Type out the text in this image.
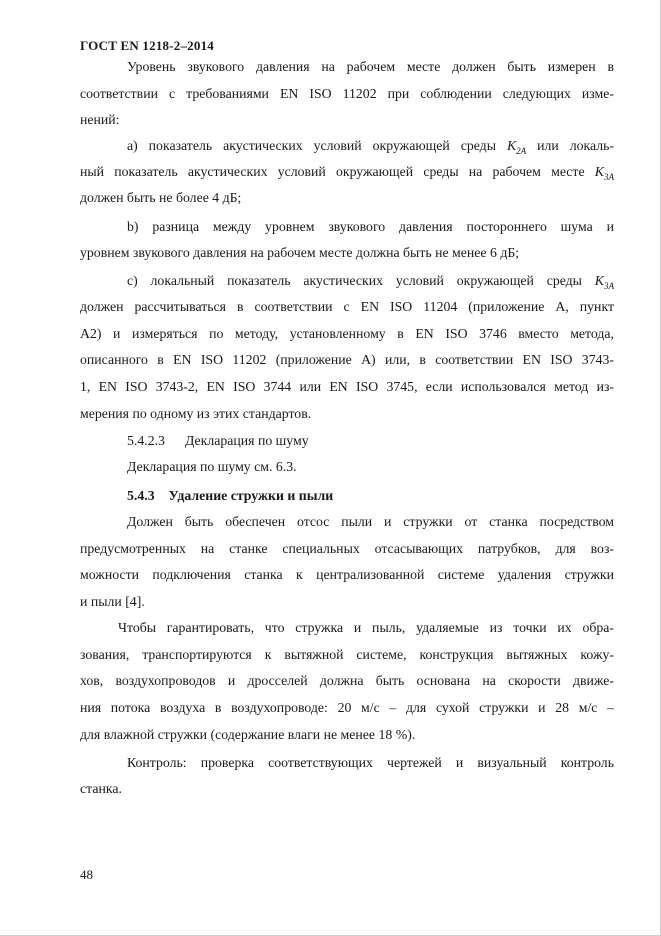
ГОСТ EN 1218-2–2014
Уровень звукового давления на рабочем месте должен быть измерен в
соответствии с требованиями EN ISO 11202 при соблюдении следующих изме-
нений:
а) показатель акустических условий окружающей среды $K_{2A}$ или локаль-
ный показатель акустических условий окружающей среды на рабочем месте $K_{3A}$
должен быть не более 4 дБ;
b) разница между уровнем звукового давления постороннего шума и
уровнем звукового давления на рабочем месте должна быть не менее 6 дБ;
с) локальный показатель акустических условий окружающей среды $K_{3A}$
должен рассчитываться в соответствии с EN ISO 11204 (приложение А, пункт
А2) и измеряться по методу, установленному в EN ISO 3746 вместо метода,
описанного в EN ISO 11202 (приложение А) или, в соответствии EN ISO 3743-
1, EN ISO 3743-2, EN ISO 3744 или EN ISO 3745, если использовался метод из-
мерения по одному из этих стандартов.
5.4.2.3 Декларация по шуму
Декларация по шуму см. 6.3.
5.4.3 Удаление стружки и пыли
Должен быть обеспечен отсос пыли и стружки от станка посредством
предусмотренных на станке специальных отсасывающих патрубков, для воз-
можности подключения станка к централизованной системе удаления стружки
и пыли [4].
Чтобы гарантировать, что стружка и пыль, удаляемые из точки их обра-
зования, транспортируются к вытяжной системе, конструкция вытяжных кожу-
хов, воздухопроводов и дросселей должна быть основана на скорости движе-
ния потока воздуха в воздухопроводе: 20 м/с – для сухой стружки и 28 м/с –
для влажной стружки (содержание влаги не менее 18 %).
Контроль: проверка соответствующих чертежей и визуальный контроль
станка.
48
